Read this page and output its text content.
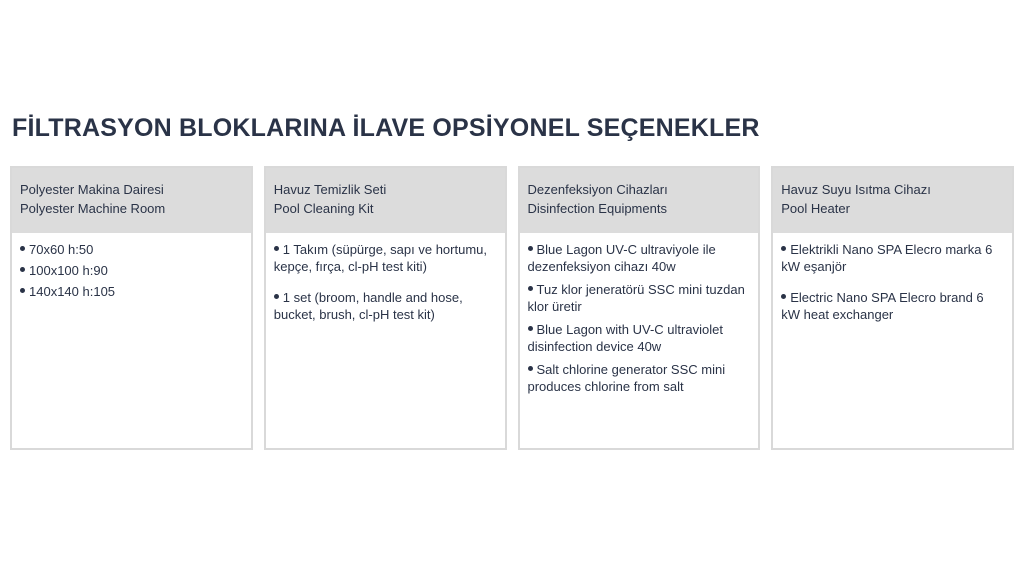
FİLTRASYON BLOKLARINA İLAVE OPSİYONEL SEÇENEKLER
Polyester Makina Dairesi
Polyester Machine Room
70x60 h:50
100x100 h:90
140x140 h:105
Havuz Temizlik Seti
Pool Cleaning Kit
1 Takım (süpürge, sapı ve hortumu, kepçe, fırça, cl-pH test kiti)
1 set (broom, handle and hose, bucket, brush, cl-pH test kit)
Dezenfeksiyon Cihazları
Disinfection Equipments
Blue Lagon UV-C ultraviyole ile dezenfeksiyon cihazı 40w
Tuz klor jeneratörü SSC mini tuzdan klor üretir
Blue Lagon with UV-C ultraviolet disinfection device 40w
Salt chlorine generator SSC mini produces chlorine from salt
Havuz Suyu Isıtma Cihazı
Pool Heater
Elektrikli Nano SPA Elecro marka 6 kW eşanjör
Electric Nano SPA Elecro brand 6 kW heat exchanger
